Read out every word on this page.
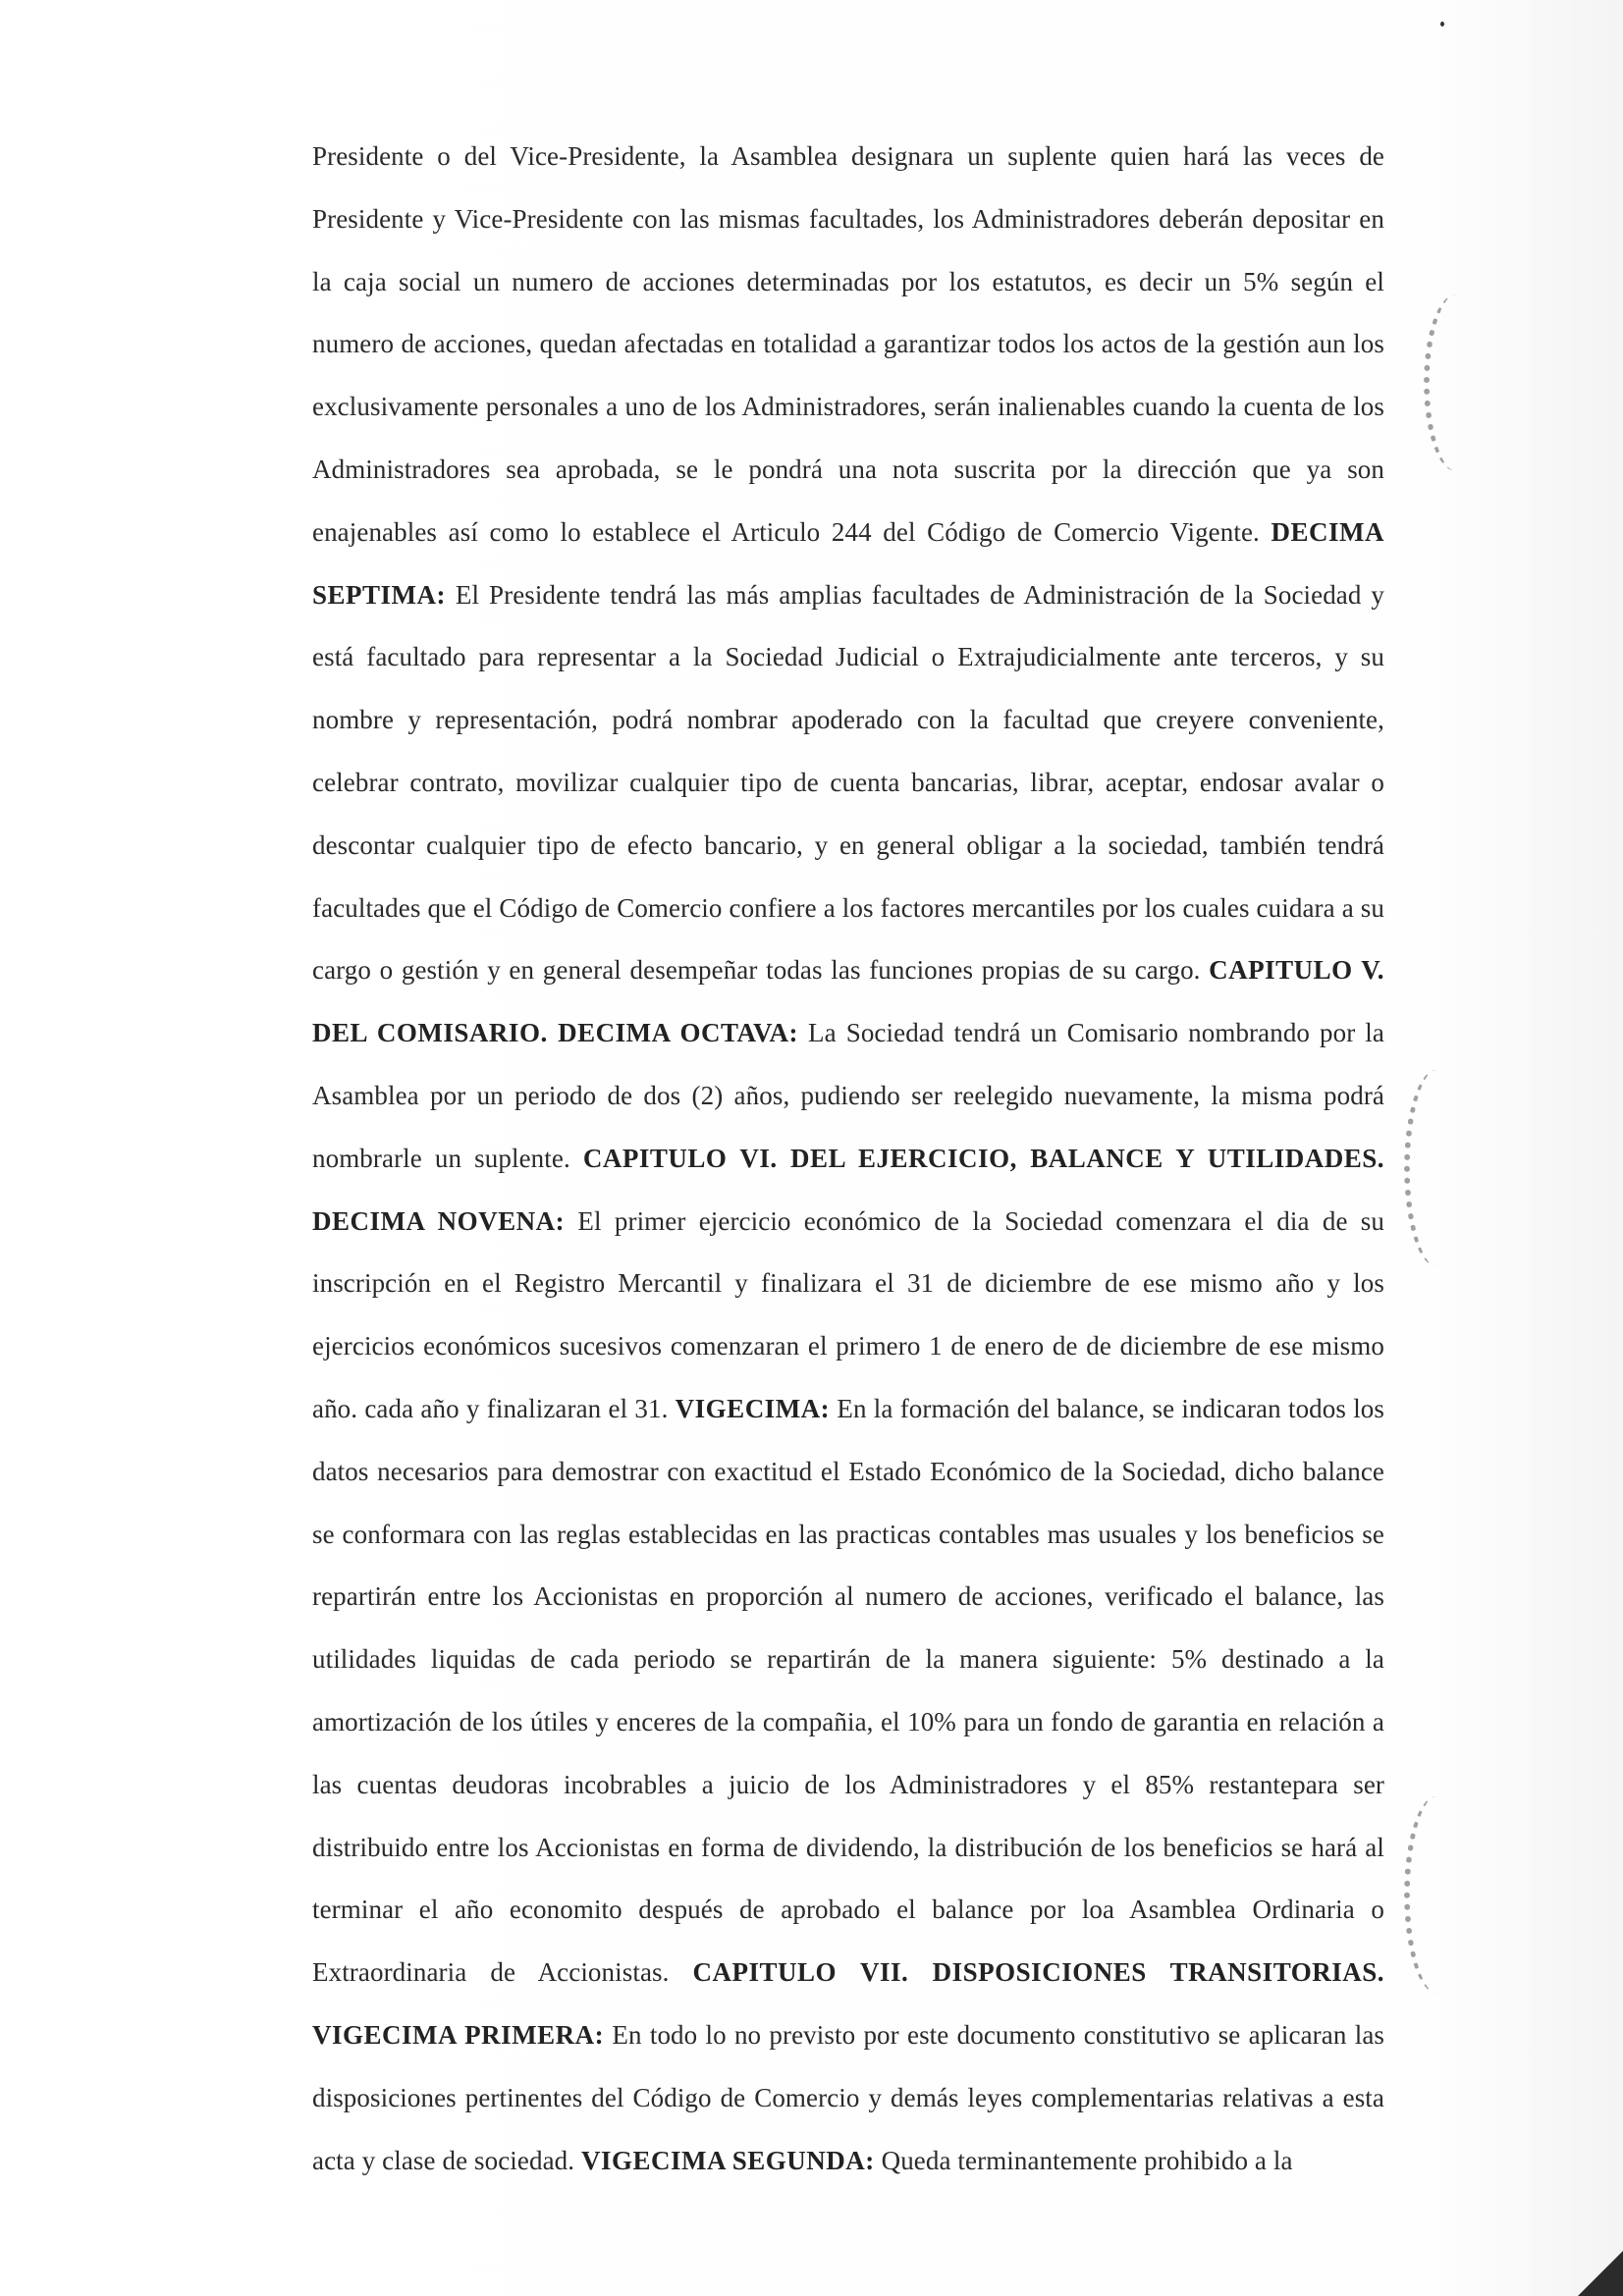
Presidente o del Vice-Presidente, la Asamblea designara un suplente quien hará las veces de Presidente y Vice-Presidente con las mismas facultades, los Administradores deberán depositar en la caja social un numero de acciones determinadas por los estatutos, es decir un 5% según el numero de acciones, quedan afectadas en totalidad a garantizar todos los actos de la gestión aun los exclusivamente personales a uno de los Administradores, serán inalienables cuando la cuenta de los Administradores sea aprobada, se le pondrá una nota suscrita por la dirección que ya son enajenables así como lo establece el Articulo 244 del Código de Comercio Vigente. DECIMA SEPTIMA: El Presidente tendrá las más amplias facultades de Administración de la Sociedad y está facultado para representar a la Sociedad Judicial o Extrajudicialmente ante terceros, y su nombre y representación, podrá nombrar apoderado con la facultad que creyere conveniente, celebrar contrato, movilizar cualquier tipo de cuenta bancarias, librar, aceptar, endosar avalar o descontar cualquier tipo de efecto bancario, y en general obligar a la sociedad, también tendrá facultades que el Código de Comercio confiere a los factores mercantiles por los cuales cuidara a su cargo o gestión y en general desempeñar todas las funciones propias de su cargo. CAPITULO V. DEL COMISARIO. DECIMA OCTAVA: La Sociedad tendrá un Comisario nombrando por la Asamblea por un periodo de dos (2) años, pudiendo ser reelegido nuevamente, la misma podrá nombrarle un suplente. CAPITULO VI. DEL EJERCICIO, BALANCE Y UTILIDADES. DECIMA NOVENA: El primer ejercicio económico de la Sociedad comenzara el dia de su inscripción en el Registro Mercantil y finalizara el 31 de diciembre de ese mismo año y los ejercicios económicos sucesivos comenzaran el primero 1 de enero de de diciembre de ese mismo año. cada año y finalizaran el 31. VIGECIMA: En la formación del balance, se indicaran todos los datos necesarios para demostrar con exactitud el Estado Económico de la Sociedad, dicho balance se conformara con las reglas establecidas en las practicas contables mas usuales y los beneficios se repartirán entre los Accionistas en proporción al numero de acciones, verificado el balance, las utilidades liquidas de cada periodo se repartirán de la manera siguiente: 5% destinado a la amortización de los útiles y enceres de la compañia, el 10% para un fondo de garantia en relación a las cuentas deudoras incobrables a juicio de los Administradores y el 85% restantepara ser distribuido entre los Accionistas en forma de dividendo, la distribución de los beneficios se hará al terminar el año economito después de aprobado el balance por loa Asamblea Ordinaria o Extraordinaria de Accionistas. CAPITULO VII. DISPOSICIONES TRANSITORIAS. VIGECIMA PRIMERA: En todo lo no previsto por este documento constitutivo se aplicaran las disposiciones pertinentes del Código de Comercio y demás leyes complementarias relativas a esta acta y clase de sociedad. VIGECIMA SEGUNDA: Queda terminantemente prohibido a la
